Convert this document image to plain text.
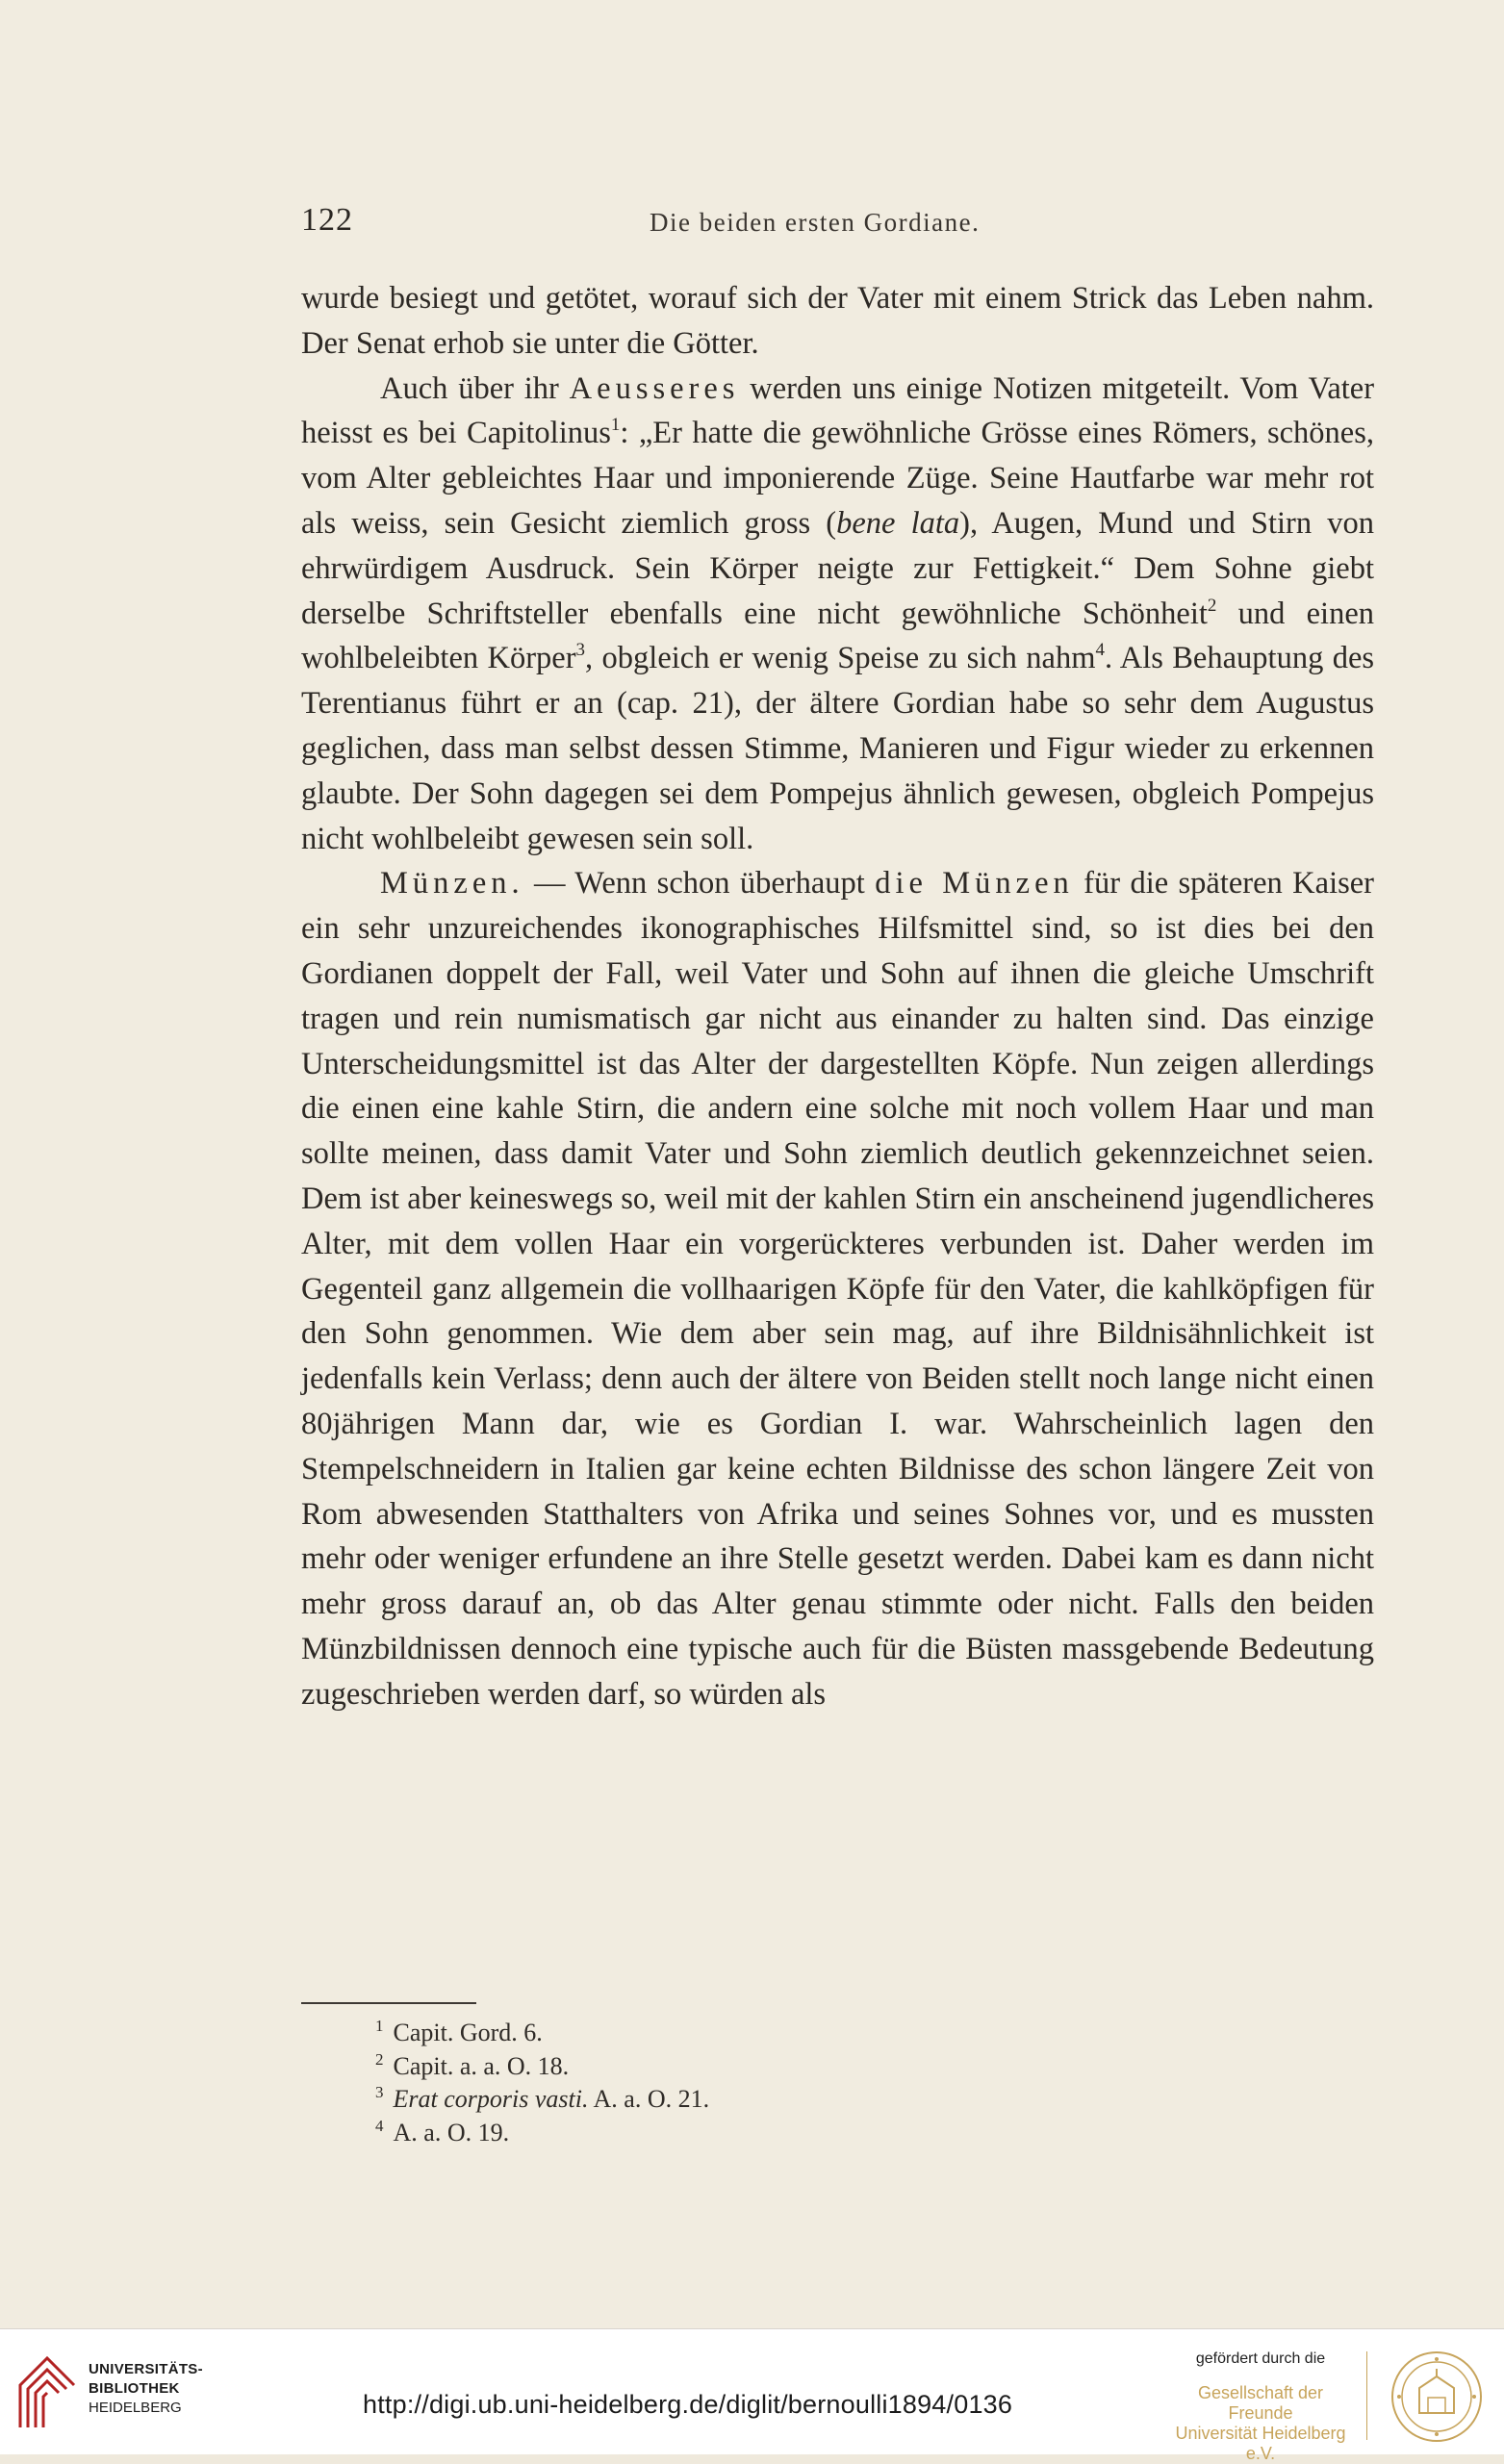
122	Die beiden ersten Gordiane.

wurde besiegt und getötet, worauf sich der Vater mit einem Strick das Leben nahm. Der Senat erhob sie unter die Götter.

Auch über ihr Aeusseres werden uns einige Notizen mitgeteilt. Vom Vater heisst es bei Capitolinus$^1$: „Er hatte die gewöhnliche Grösse eines Römers, schönes, vom Alter gebleichtes Haar und imponierende Züge. Seine Hautfarbe war mehr rot als weiss, sein Gesicht ziemlich gross (bene lata), Augen, Mund und Stirn von ehrwürdigem Ausdruck. Sein Körper neigte zur Fettigkeit.“ Dem Sohne giebt derselbe Schriftsteller ebenfalls eine nicht gewöhnliche Schönheit$^2$ und einen wohlbeleibten Körper$^3$, obgleich er wenig Speise zu sich nahm$^4$. Als Behauptung des Terentianus führt er an (cap. 21), der ältere Gordian habe so sehr dem Augustus geglichen, dass man selbst dessen Stimme, Manieren und Figur wieder zu erkennen glaubte. Der Sohn dagegen sei dem Pompejus ähnlich gewesen, obgleich Pompejus nicht wohlbeleibt gewesen sein soll.

Münzen. — Wenn schon überhaupt die Münzen für die späteren Kaiser ein sehr unzureichendes ikonographisches Hilfsmittel sind, so ist dies bei den Gordianen doppelt der Fall, weil Vater und Sohn auf ihnen die gleiche Umschrift tragen und rein numismatisch gar nicht aus einander zu halten sind. Das einzige Unterscheidungsmittel ist das Alter der dargestellten Köpfe. Nun zeigen allerdings die einen eine kahle Stirn, die andern eine solche mit noch vollem Haar und man sollte meinen, dass damit Vater und Sohn ziemlich deutlich gekennzeichnet seien. Dem ist aber keineswegs so, weil mit der kahlen Stirn ein anscheinend jugendlicheres Alter, mit dem vollen Haar ein vorgerückteres verbunden ist. Daher werden im Gegenteil ganz allgemein die vollhaarigen Köpfe für den Vater, die kahlköpfigen für den Sohn genommen. Wie dem aber sein mag, auf ihre Bildnisähnlichkeit ist jedenfalls kein Verlass; denn auch der ältere von Beiden stellt noch lange nicht einen 80jährigen Mann dar, wie es Gordian I. war. Wahrscheinlich lagen den Stempelschneidern in Italien gar keine echten Bildnisse des schon längere Zeit von Rom abwesenden Statthalters von Afrika und seines Sohnes vor, und es mussten mehr oder weniger erfundene an ihre Stelle gesetzt werden. Dabei kam es dann nicht mehr gross darauf an, ob das Alter genau stimmte oder nicht. Falls den beiden Münzbildnissen dennoch eine typische auch für die Büsten massgebende Bedeutung zugeschrieben werden darf, so würden als

$^1$ Capit. Gord. 6.
$^2$ Capit. a. a. O. 18.
$^3$ Erat corporis vasti. A. a. O. 21.
$^4$ A. a. O. 19.
UNIVERSITÄTS-
BIBLIOTHEK
HEIDELBERG	http://digi.ub.uni-heidelberg.de/diglit/bernoulli1894/0136
gefördert durch die
Gesellschaft der Freunde
Universität Heidelberg e.V.
